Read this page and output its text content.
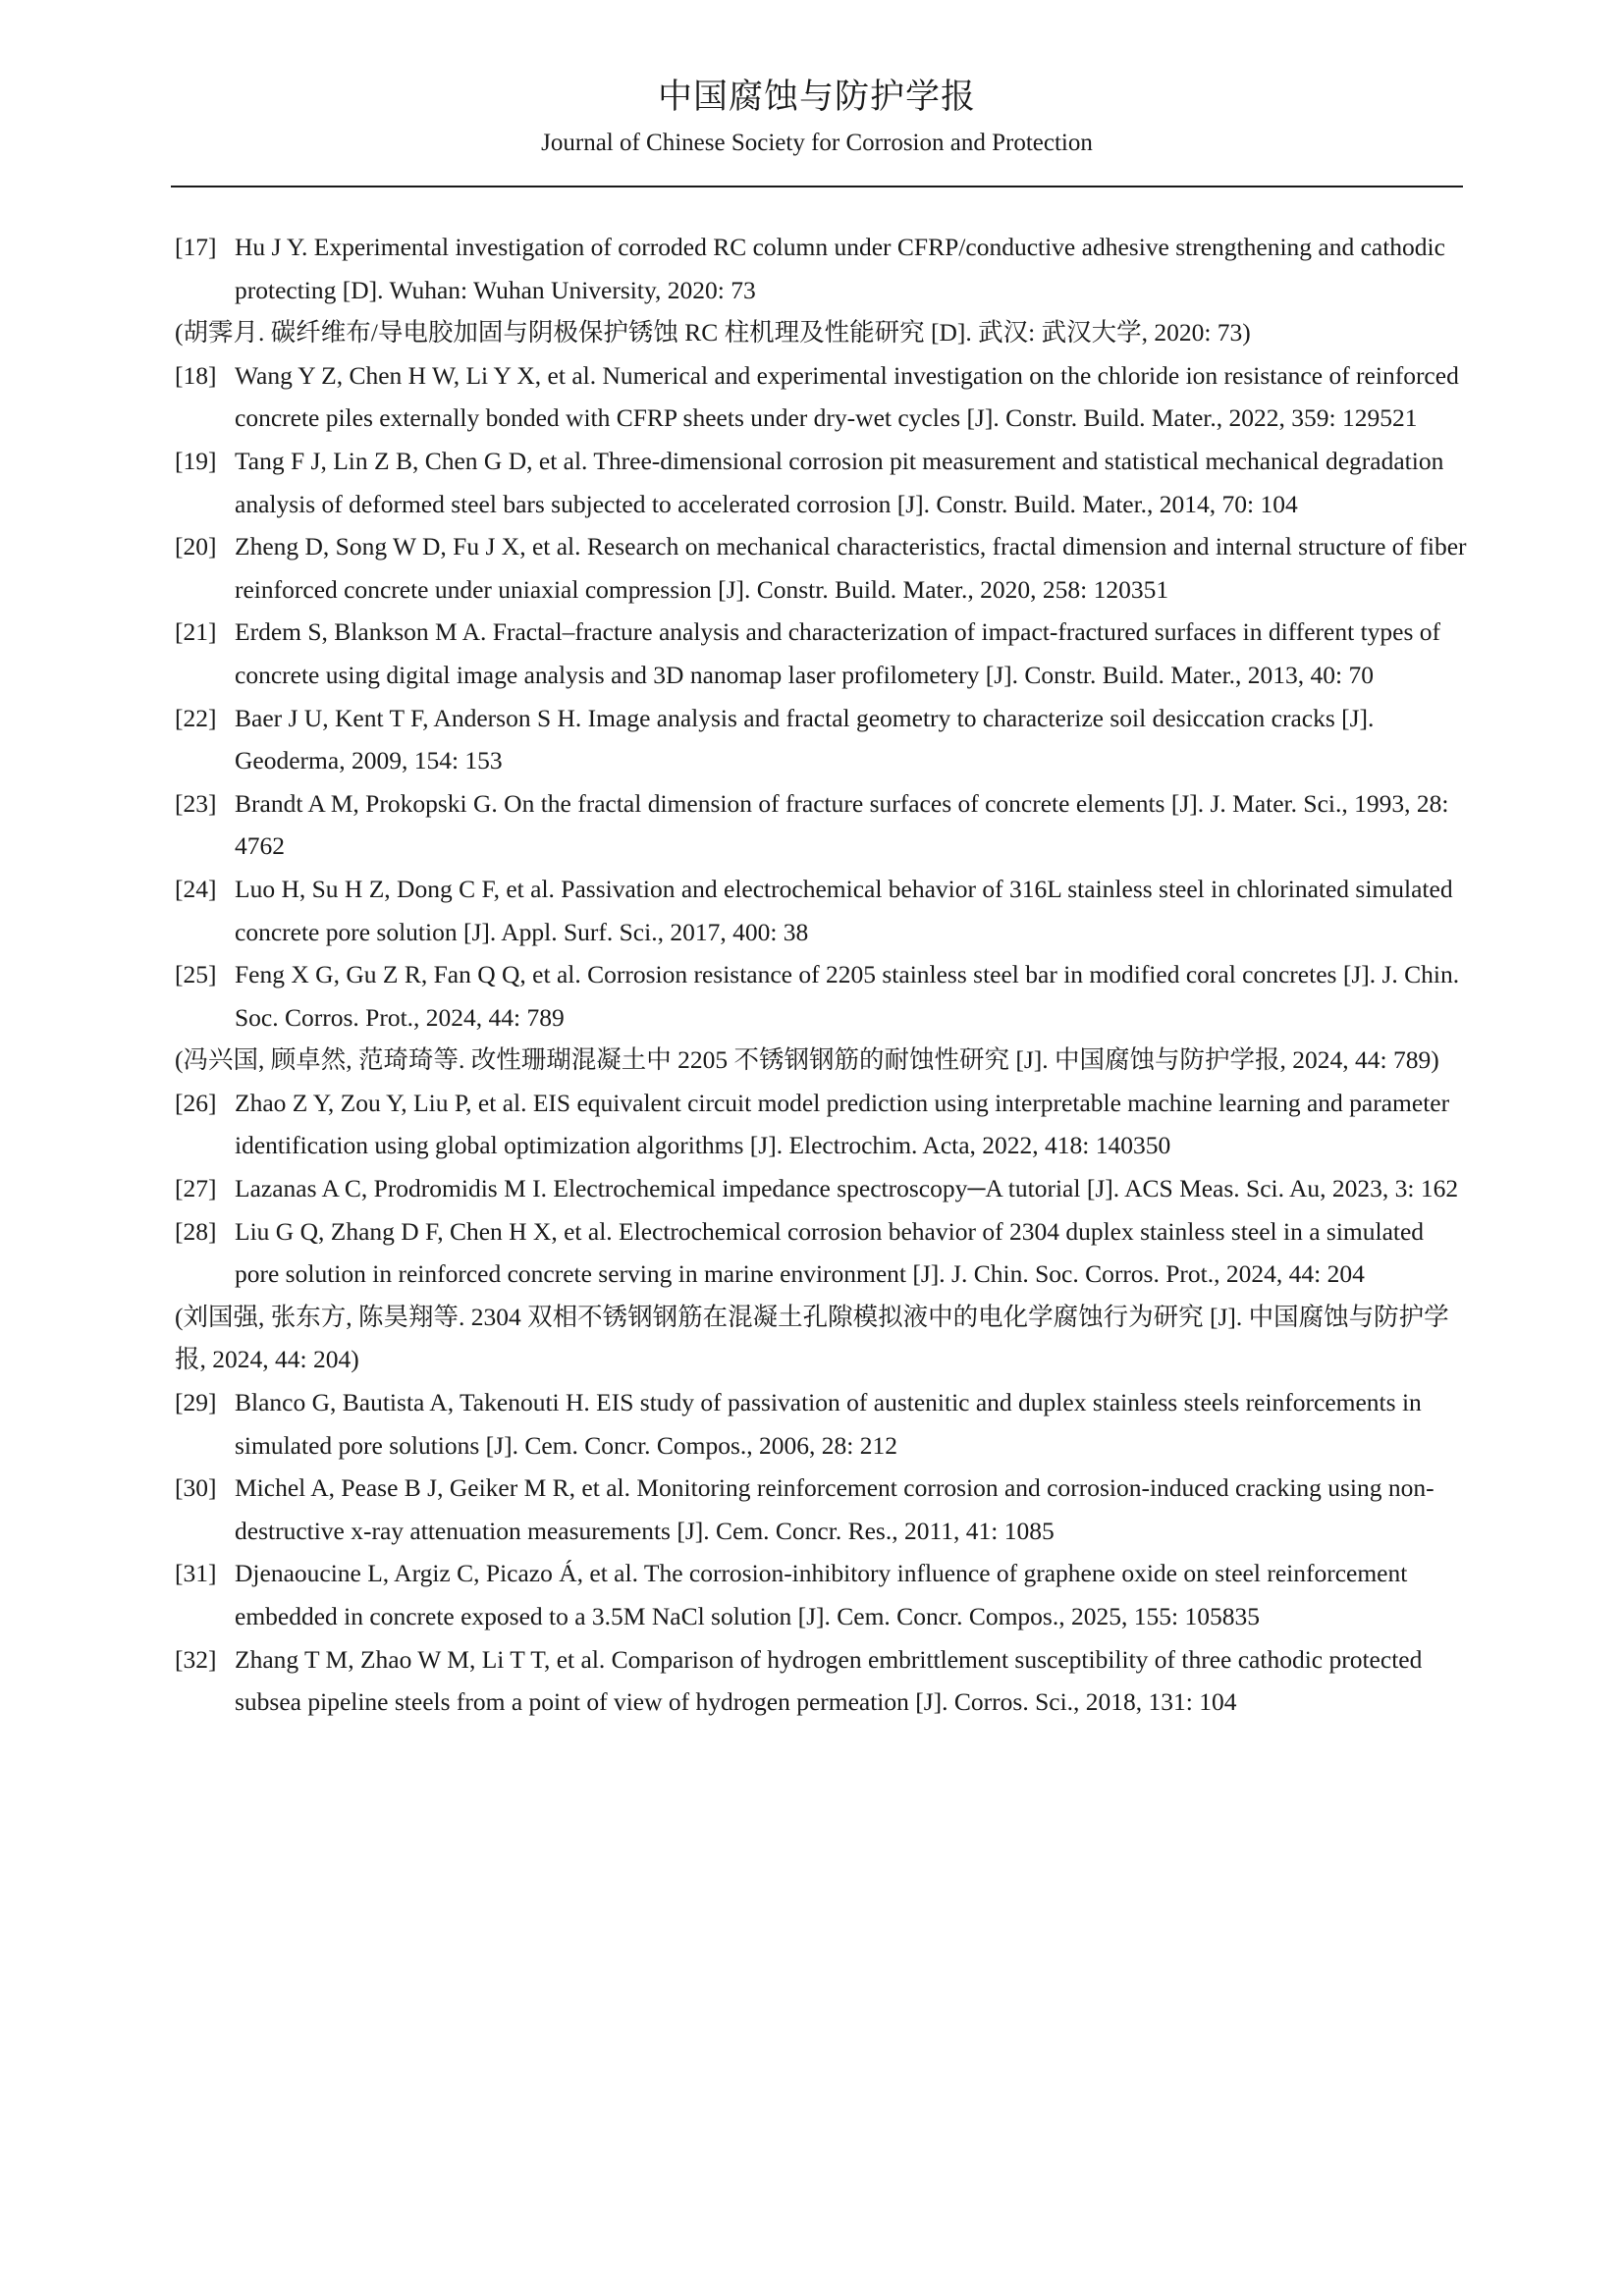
中国腐蚀与防护学报
Journal of Chinese Society for Corrosion and Protection
[17] Hu J Y. Experimental investigation of corroded RC column under CFRP/conductive adhesive strengthening and cathodic protecting [D]. Wuhan: Wuhan University, 2020: 73
(胡霁月. 碳纤维布/导电胶加固与阴极保护锈蚀 RC 柱机理及性能研究 [D]. 武汉: 武汉大学, 2020: 73)
[18] Wang Y Z, Chen H W, Li Y X, et al. Numerical and experimental investigation on the chloride ion resistance of reinforced concrete piles externally bonded with CFRP sheets under dry-wet cycles [J]. Constr. Build. Mater., 2022, 359: 129521
[19] Tang F J, Lin Z B, Chen G D, et al. Three-dimensional corrosion pit measurement and statistical mechanical degradation analysis of deformed steel bars subjected to accelerated corrosion [J]. Constr. Build. Mater., 2014, 70: 104
[20] Zheng D, Song W D, Fu J X, et al. Research on mechanical characteristics, fractal dimension and internal structure of fiber reinforced concrete under uniaxial compression [J]. Constr. Build. Mater., 2020, 258: 120351
[21] Erdem S, Blankson M A. Fractal–fracture analysis and characterization of impact-fractured surfaces in different types of concrete using digital image analysis and 3D nanomap laser profilometery [J]. Constr. Build. Mater., 2013, 40: 70
[22] Baer J U, Kent T F, Anderson S H. Image analysis and fractal geometry to characterize soil desiccation cracks [J]. Geoderma, 2009, 154: 153
[23] Brandt A M, Prokopski G. On the fractal dimension of fracture surfaces of concrete elements [J]. J. Mater. Sci., 1993, 28: 4762
[24] Luo H, Su H Z, Dong C F, et al. Passivation and electrochemical behavior of 316L stainless steel in chlorinated simulated concrete pore solution [J]. Appl. Surf. Sci., 2017, 400: 38
[25] Feng X G, Gu Z R, Fan Q Q, et al. Corrosion resistance of 2205 stainless steel bar in modified coral concretes [J]. J. Chin. Soc. Corros. Prot., 2024, 44: 789
(冯兴国, 顾卓然, 范琦琦等. 改性珊瑚混凝土中 2205 不锈钢钢筋的耐蚀性研究 [J]. 中国腐蚀与防护学报, 2024, 44: 789)
[26] Zhao Z Y, Zou Y, Liu P, et al. EIS equivalent circuit model prediction using interpretable machine learning and parameter identification using global optimization algorithms [J]. Electrochim. Acta, 2022, 418: 140350
[27] Lazanas A C, Prodromidis M I. Electrochemical impedance spectroscopy─A tutorial [J]. ACS Meas. Sci. Au, 2023, 3: 162
[28] Liu G Q, Zhang D F, Chen H X, et al. Electrochemical corrosion behavior of 2304 duplex stainless steel in a simulated pore solution in reinforced concrete serving in marine environment [J]. J. Chin. Soc. Corros. Prot., 2024, 44: 204
(刘国强, 张东方, 陈昊翔等. 2304 双相不锈钢钢筋在混凝土孔隙模拟液中的电化学腐蚀行为研究 [J]. 中国腐蚀与防护学报, 2024, 44: 204)
[29] Blanco G, Bautista A, Takenouti H. EIS study of passivation of austenitic and duplex stainless steels reinforcements in simulated pore solutions [J]. Cem. Concr. Compos., 2006, 28: 212
[30] Michel A, Pease B J, Geiker M R, et al. Monitoring reinforcement corrosion and corrosion-induced cracking using non-destructive x-ray attenuation measurements [J]. Cem. Concr. Res., 2011, 41: 1085
[31] Djenaoucine L, Argiz C, Picazo Á, et al. The corrosion-inhibitory influence of graphene oxide on steel reinforcement embedded in concrete exposed to a 3.5M NaCl solution [J]. Cem. Concr. Compos., 2025, 155: 105835
[32] Zhang T M, Zhao W M, Li T T, et al. Comparison of hydrogen embrittlement susceptibility of three cathodic protected subsea pipeline steels from a point of view of hydrogen permeation [J]. Corros. Sci., 2018, 131: 104
